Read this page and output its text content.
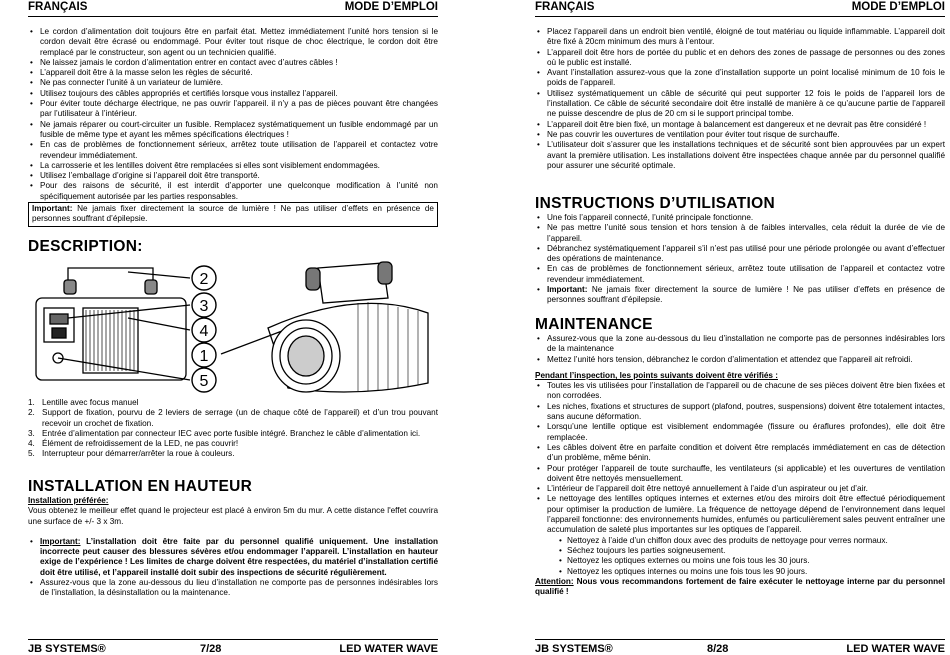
FRANÇAIS	MODE D’EMPLOI
• Le cordon d’alimentation doit toujours être en parfait état. Mettez immédiatement l’unité hors tension si le cordon devait être écrasé ou endommagé. Pour éviter tout risque de choc électrique, le cordon doit être remplacé par le constructeur, son agent ou un technicien qualifié.
• Ne laissez jamais le cordon d’alimentation entrer en contact avec d’autres câbles !
• L’appareil doit être à la masse selon les règles de sécurité.
• Ne pas connecter l’unité à un variateur de lumière.
• Utilisez toujours des câbles appropriés et certifiés lorsque vous installez l’appareil.
• Pour éviter toute décharge électrique, ne pas ouvrir l’appareil. il n’y a pas de pièces pouvant être changées par l’utilisateur à l’intérieur.
• Ne jamais réparer ou court-circuiter un fusible. Remplacez systématiquement un fusible endommagé par un fusible de même type et ayant les mêmes spécifications électriques !
• En cas de problèmes de fonctionnement sérieux, arrêtez toute utilisation de l’appareil et contactez votre revendeur immédiatement.
• La carrosserie et les lentilles doivent être remplacées si elles sont visiblement endommagées.
• Utilisez l’emballage d’origine si l’appareil doit être transporté.
• Pour des raisons de sécurité, il est interdit d’apporter une quelconque modification à l’unité non spécifiquement autorisée par les parties responsables.
Important: Ne jamais fixer directement la source de lumière ! Ne pas utiliser d’effets en présence de personnes souffrant d’épilepsie.
DESCRIPTION:
2
3
4
1
5
1. Lentille avec focus manuel
2. Support de fixation, pourvu de 2 leviers de serrage (un de chaque côté de l’appareil) et d’un trou pouvant recevoir un crochet de fixation.
3. Entrée d’alimentation par connecteur IEC avec porte fusible intégré. Branchez le câble d’alimentation ici.
4. Élément de refroidissement de la LED, ne pas couvrir!
5. Interrupteur pour démarrer/arrêter la roue à couleurs.
INSTALLATION EN HAUTEUR
Installation préférée:
Vous obtenez le meilleur effet quand le projecteur est placé à environ 5m du mur. A cette distance l'effet couvrira une surface de +/- 3 x 3m.
• Important: L’installation doit être faite par du personnel qualifié uniquement. Une installation incorrecte peut causer des blessures sévères et/ou endommager l’appareil. L’installation en hauteur exige de l’expérience ! Les limites de charge doivent être respectées, du matériel d’installation certifié doit être utilisé, et l’appareil installé doit subir des inspections de sécurité régulièrement.
• Assurez-vous que la zone au-dessous du lieu d’installation ne comporte pas de personnes indésirables lors de l’installation, la désinstallation ou la maintenance.
JB SYSTEMS®	7/28	LED WATER WAVE
FRANÇAIS	MODE D’EMPLOI
• Placez l’appareil dans un endroit bien ventilé, éloigné de tout matériau ou liquide inflammable. L’appareil doit être fixé à 20cm minimum des murs à l’entour.
• L’appareil doit être hors de portée du public et en dehors des zones de passage de personnes ou des zones où le public est installé.
• Avant l’installation assurez-vous que la zone d’installation supporte un point localisé minimum de 10 fois le poids de l’appareil.
• Utilisez systématiquement un câble de sécurité qui peut supporter 12 fois le poids de l’appareil lors de l’installation. Ce câble de sécurité secondaire doit être installé de manière à ce qu’aucune partie de l’appareil ne puisse descendre de plus de 20 cm si le support principal tombe.
• L’appareil doit être bien fixé, un montage à balancement est dangereux et ne devrait pas être considéré !
• Ne pas couvrir les ouvertures de ventilation pour éviter tout risque de surchauffe.
• L’utilisateur doit s’assurer que les installations techniques et de sécurité sont bien approuvées par un expert avant la première utilisation. Les installations doivent être inspectées chaque année par du personnel qualifié pour assurer une sécurité optimale.
INSTRUCTIONS D’UTILISATION
• Une fois l’appareil connecté, l’unité principale fonctionne.
• Ne pas mettre l’unité sous tension et hors tension à de faibles intervalles, cela réduit la durée de vie de l’appareil.
• Débranchez systématiquement l’appareil s’il n’est pas utilisé pour une période prolongée ou avant d’effectuer des opérations de maintenance.
• En cas de problèmes de fonctionnement sérieux, arrêtez toute utilisation de l’appareil et contactez votre revendeur immédiatement.
• Important: Ne jamais fixer directement la source de lumière ! Ne pas utiliser d’effets en présence de personnes souffrant d’épilepsie.
MAINTENANCE
• Assurez-vous que la zone au-dessous du lieu d’installation ne comporte pas de personnes indésirables lors de la maintenance
• Mettez l’unité hors tension, débranchez le cordon d’alimentation et attendez que l’appareil ait refroidi.
Pendant l’inspection, les points suivants doivent être vérifiés :
• Toutes les vis utilisées pour l’installation de l’appareil ou de chacune de ses pièces doivent être bien fixées et non corrodées.
• Les niches, fixations et structures de support (plafond, poutres, suspensions) doivent être totalement intactes, sans aucune déformation.
• Lorsqu’une lentille optique est visiblement endommagée (fissure ou éraflures profondes), elle doit être remplacée.
• Les câbles doivent être en parfaite condition et doivent être remplacés immédiatement en cas de détection d’un problème, même bénin.
• Pour protéger l’appareil de toute surchauffe, les ventilateurs (si applicable) et les ouvertures de ventilation doivent être nettoyés mensuellement.
• L’intérieur de l’appareil doit être nettoyé annuellement à l’aide d’un aspirateur ou jet d’air.
• Le nettoyage des lentilles optiques internes et externes et/ou des miroirs doit être effectué périodiquement pour optimiser la production de lumière. La fréquence de nettoyage dépend de l’environnement dans lequel l’appareil fonctionne: des environnements humides, enfumés ou particulièrement sales peuvent entraîner une accumulation de saleté plus importantes sur les optiques de l’appareil.
• Nettoyez à l’aide d’un chiffon doux avec des produits de nettoyage pour verres normaux.
• Séchez toujours les parties soigneusement.
• Nettoyez les optiques externes ou moins une fois tous les 30 jours.
• Nettoyez les optiques internes ou moins une fois tous les 90 jours.
Attention: Nous vous recommandons fortement de faire exécuter le nettoyage interne par du personnel qualifié !
JB SYSTEMS®	8/28	LED WATER WAVE
